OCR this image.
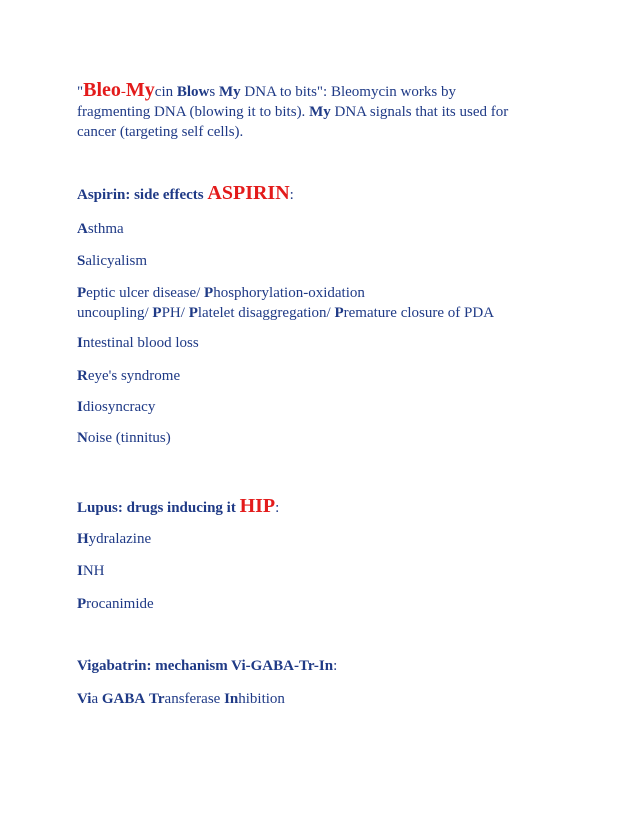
"Bleo-Mycin Blows My DNA to bits": Bleomycin works by

fragmenting DNA (blowing it to bits). My DNA signals that its used for

cancer (targeting self cells).

Aspirin: side effects ASPIRIN:
Asthma
Salicyalism

Peptic ulcer disease/ Phosphorylation-oxidation

uncoupling/ PPH/ Platelet disaggregation/ Premature closure of PDA

Intestinal blood loss
Reye's syndrome
Idiosyncracy
Noise (tinnitus)
Lupus: drugs inducing it HIP:
Hydralazine
INH
Procanimide
Vigabatrin: mechanism Vi-GABA-Tr-In:
Via GABA Transferase Inhibition
